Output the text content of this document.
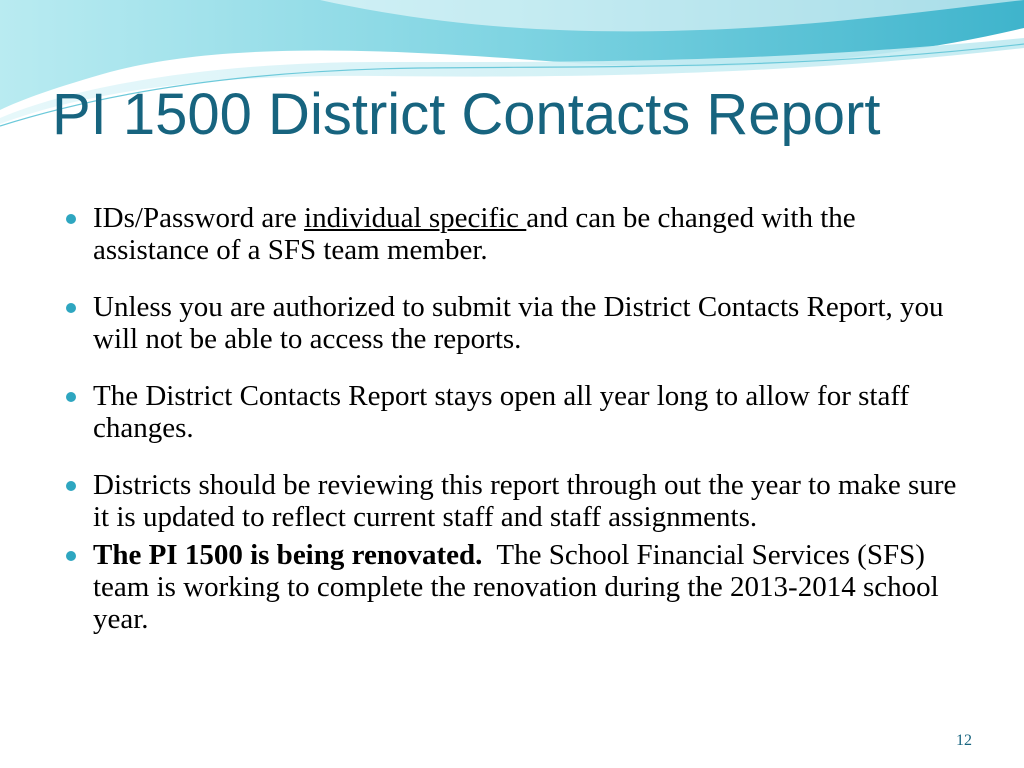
PI 1500 District Contacts Report
IDs/Password are individual specific and can be changed with the assistance of a SFS team member.
Unless you are authorized to submit via the District Contacts Report, you will not be able to access the reports.
The District Contacts Report stays open all year long to allow for staff changes.
Districts should be reviewing this report through out the year to make sure it is updated to reflect current staff and staff assignments.
The PI 1500 is being renovated.  The School Financial Services (SFS) team is working to complete the renovation during the 2013-2014 school year.
12
